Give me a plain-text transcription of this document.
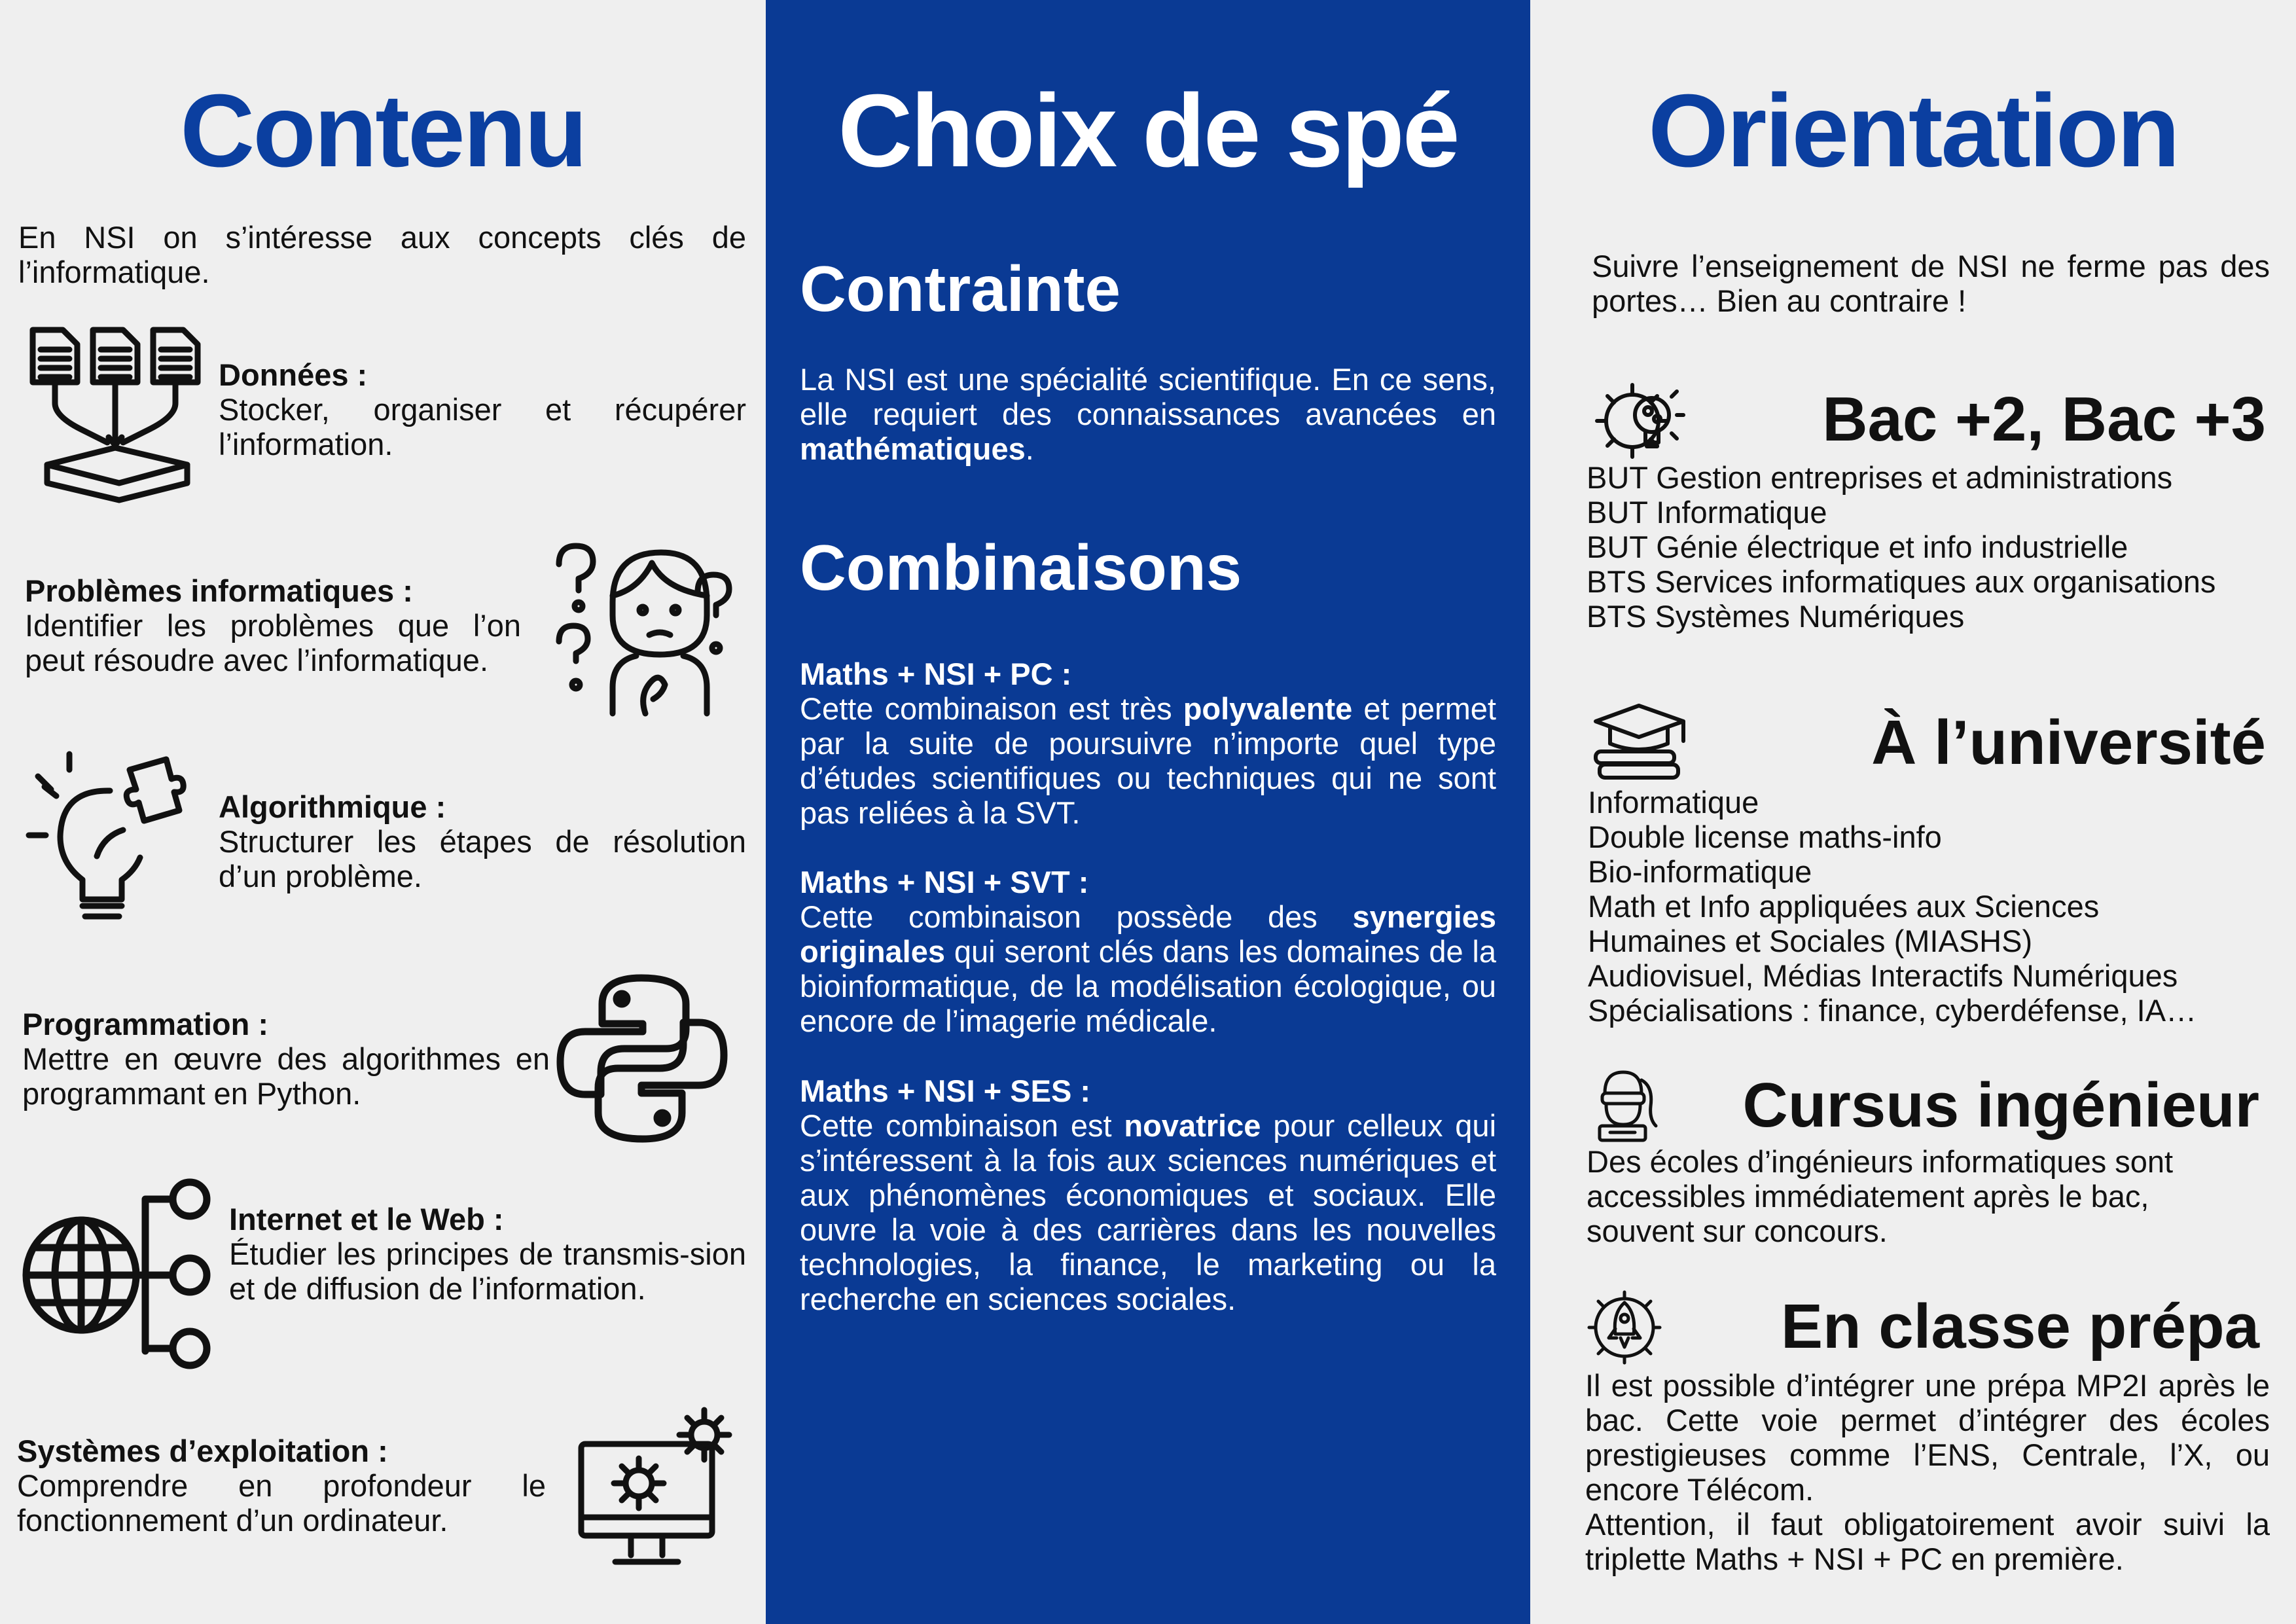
Contenu
En NSI on s’intéresse aux concepts clés de l’informatique.
Données :
Stocker, organiser et récupérer l’information.
Problèmes informatiques :
Identifier les problèmes que l’on peut résoudre avec l’informatique.
Algorithmique :
Structurer les étapes de résolution d’un problème.
Programmation :
Mettre en œuvre des algorithmes en programmant en Python.
Internet et le Web :
Étudier les principes de transmis-sion et de diffusion de l’information.
Systèmes d’exploitation :
Comprendre en profondeur le fonctionnement d’un ordinateur.
Choix de spé
Contrainte
La NSI est une spécialité scientifique. En ce sens, elle requiert des connaissances avancées en mathématiques.
Combinaisons
Maths + NSI + PC :
Cette combinaison est très polyvalente et permet par la suite de poursuivre n’importe quel type d’études scientifiques ou techniques qui ne sont pas reliées à la SVT.
Maths + NSI + SVT :
Cette combinaison possède des synergies originales qui seront clés dans les domaines de la bioinformatique, de la modélisation écologique, ou encore de l’imagerie médicale.
Maths + NSI + SES :
Cette combinaison est novatrice pour celleux qui s’intéressent à la fois aux sciences numériques et aux phénomènes économiques et sociaux. Elle ouvre la voie à des carrières dans les nouvelles technologies, la finance, le marketing ou la recherche en sciences sociales.
Orientation
Suivre l’enseignement de NSI ne ferme pas des portes… Bien au contraire !
Bac +2, Bac +3
BUT Gestion entreprises et administrations
BUT Informatique
BUT Génie électrique et info industrielle
BTS Services informatiques aux organisations
BTS Systèmes Numériques
À l’université
Informatique
Double license maths-info
Bio-informatique
Math et Info appliquées aux Sciences
Humaines et Sociales (MIASHS)
Audiovisuel, Médias Interactifs Numériques
Spécialisations : finance, cyberdéfense, IA…
Cursus ingénieur
Des écoles d’ingénieurs informatiques sont accessibles immédiatement après le bac, souvent sur concours.
En classe prépa
Il est possible d’intégrer une prépa MP2I après le bac. Cette voie permet d’intégrer des écoles prestigieuses comme l’ENS, Centrale, l’X, ou encore Télécom.
Attention, il faut obligatoirement avoir suivi la triplette Maths + NSI + PC en première.
